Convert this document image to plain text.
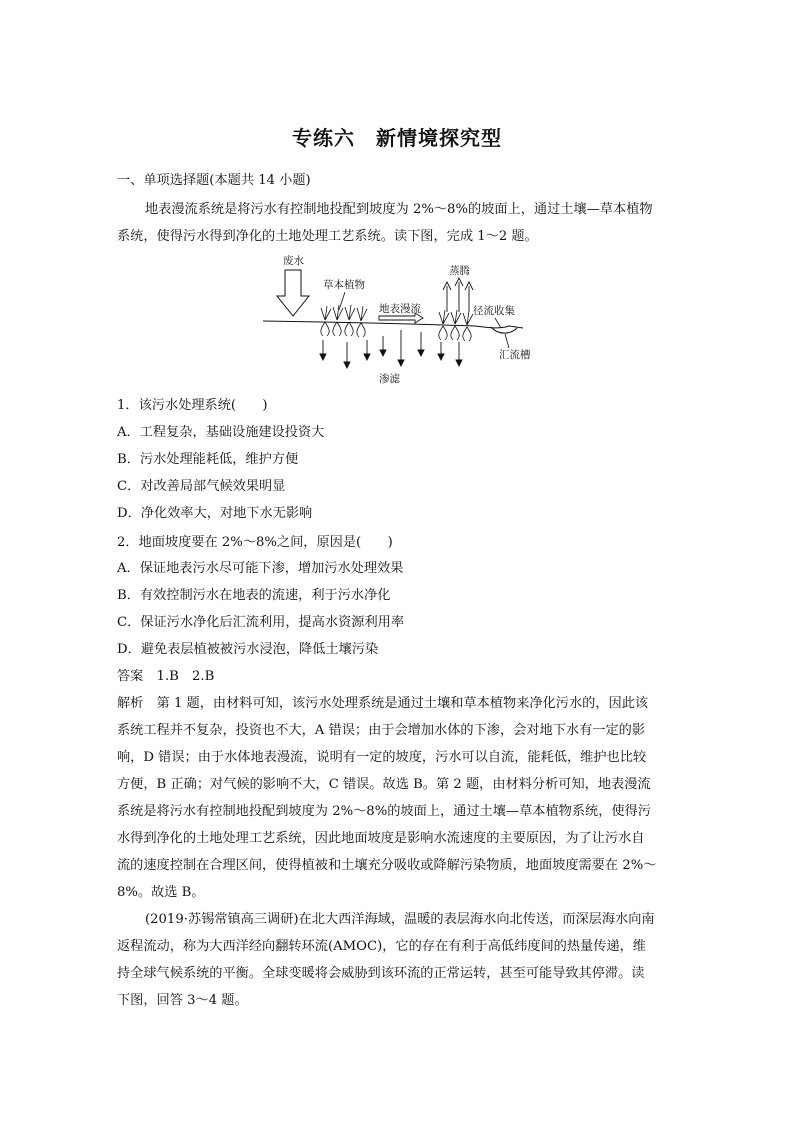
专练六　新情境探究型
一、单项选择题(本题共 14 小题)
地表漫流系统是将污水有控制地投配到坡度为 2%～8%的坡面上，通过土壤—草本植物
系统，使得污水得到净化的土地处理工艺系统。读下图，完成 1～2 题。
废水
草本植物
地表漫流
蒸腾
径流收集
汇流槽
渗滤
1．该污水处理系统(　　)
A．工程复杂，基础设施建设投资大
B．污水处理能耗低，维护方便
C．对改善局部气候效果明显
D．净化效率大，对地下水无影响
2．地面坡度要在 2%～8%之间，原因是(　　)
A．保证地表污水尽可能下渗，增加污水处理效果
B．有效控制污水在地表的流速，利于污水净化
C．保证污水净化后汇流利用，提高水资源利用率
D．避免表层植被被污水浸泡，降低土壤污染
答案　1.B　2.B
解析　第 1 题，由材料可知，该污水处理系统是通过土壤和草本植物来净化污水的，因此该
系统工程并不复杂，投资也不大，A 错误；由于会增加水体的下渗，会对地下水有一定的影
响，D 错误；由于水体地表漫流，说明有一定的坡度，污水可以自流，能耗低，维护也比较
方便，B 正确；对气候的影响不大，C 错误。故选 B。第 2 题，由材料分析可知，地表漫流
系统是将污水有控制地投配到坡度为 2%～8%的坡面上，通过土壤—草本植物系统，使得污
水得到净化的土地处理工艺系统，因此地面坡度是影响水流速度的主要原因，为了让污水自
流的速度控制在合理区间，使得植被和土壤充分吸收或降解污染物质，地面坡度需要在 2%～
8%。故选 B。
(2019·苏锡常镇高三调研)在北大西洋海域，温暖的表层海水向北传送，而深层海水向南
返程流动，称为大西洋经向翻转环流(AMOC)，它的存在有利于高低纬度间的热量传递，维
持全球气候系统的平衡。全球变暖将会威胁到该环流的正常运转，甚至可能导致其停滞。读
下图，回答 3～4 题。
